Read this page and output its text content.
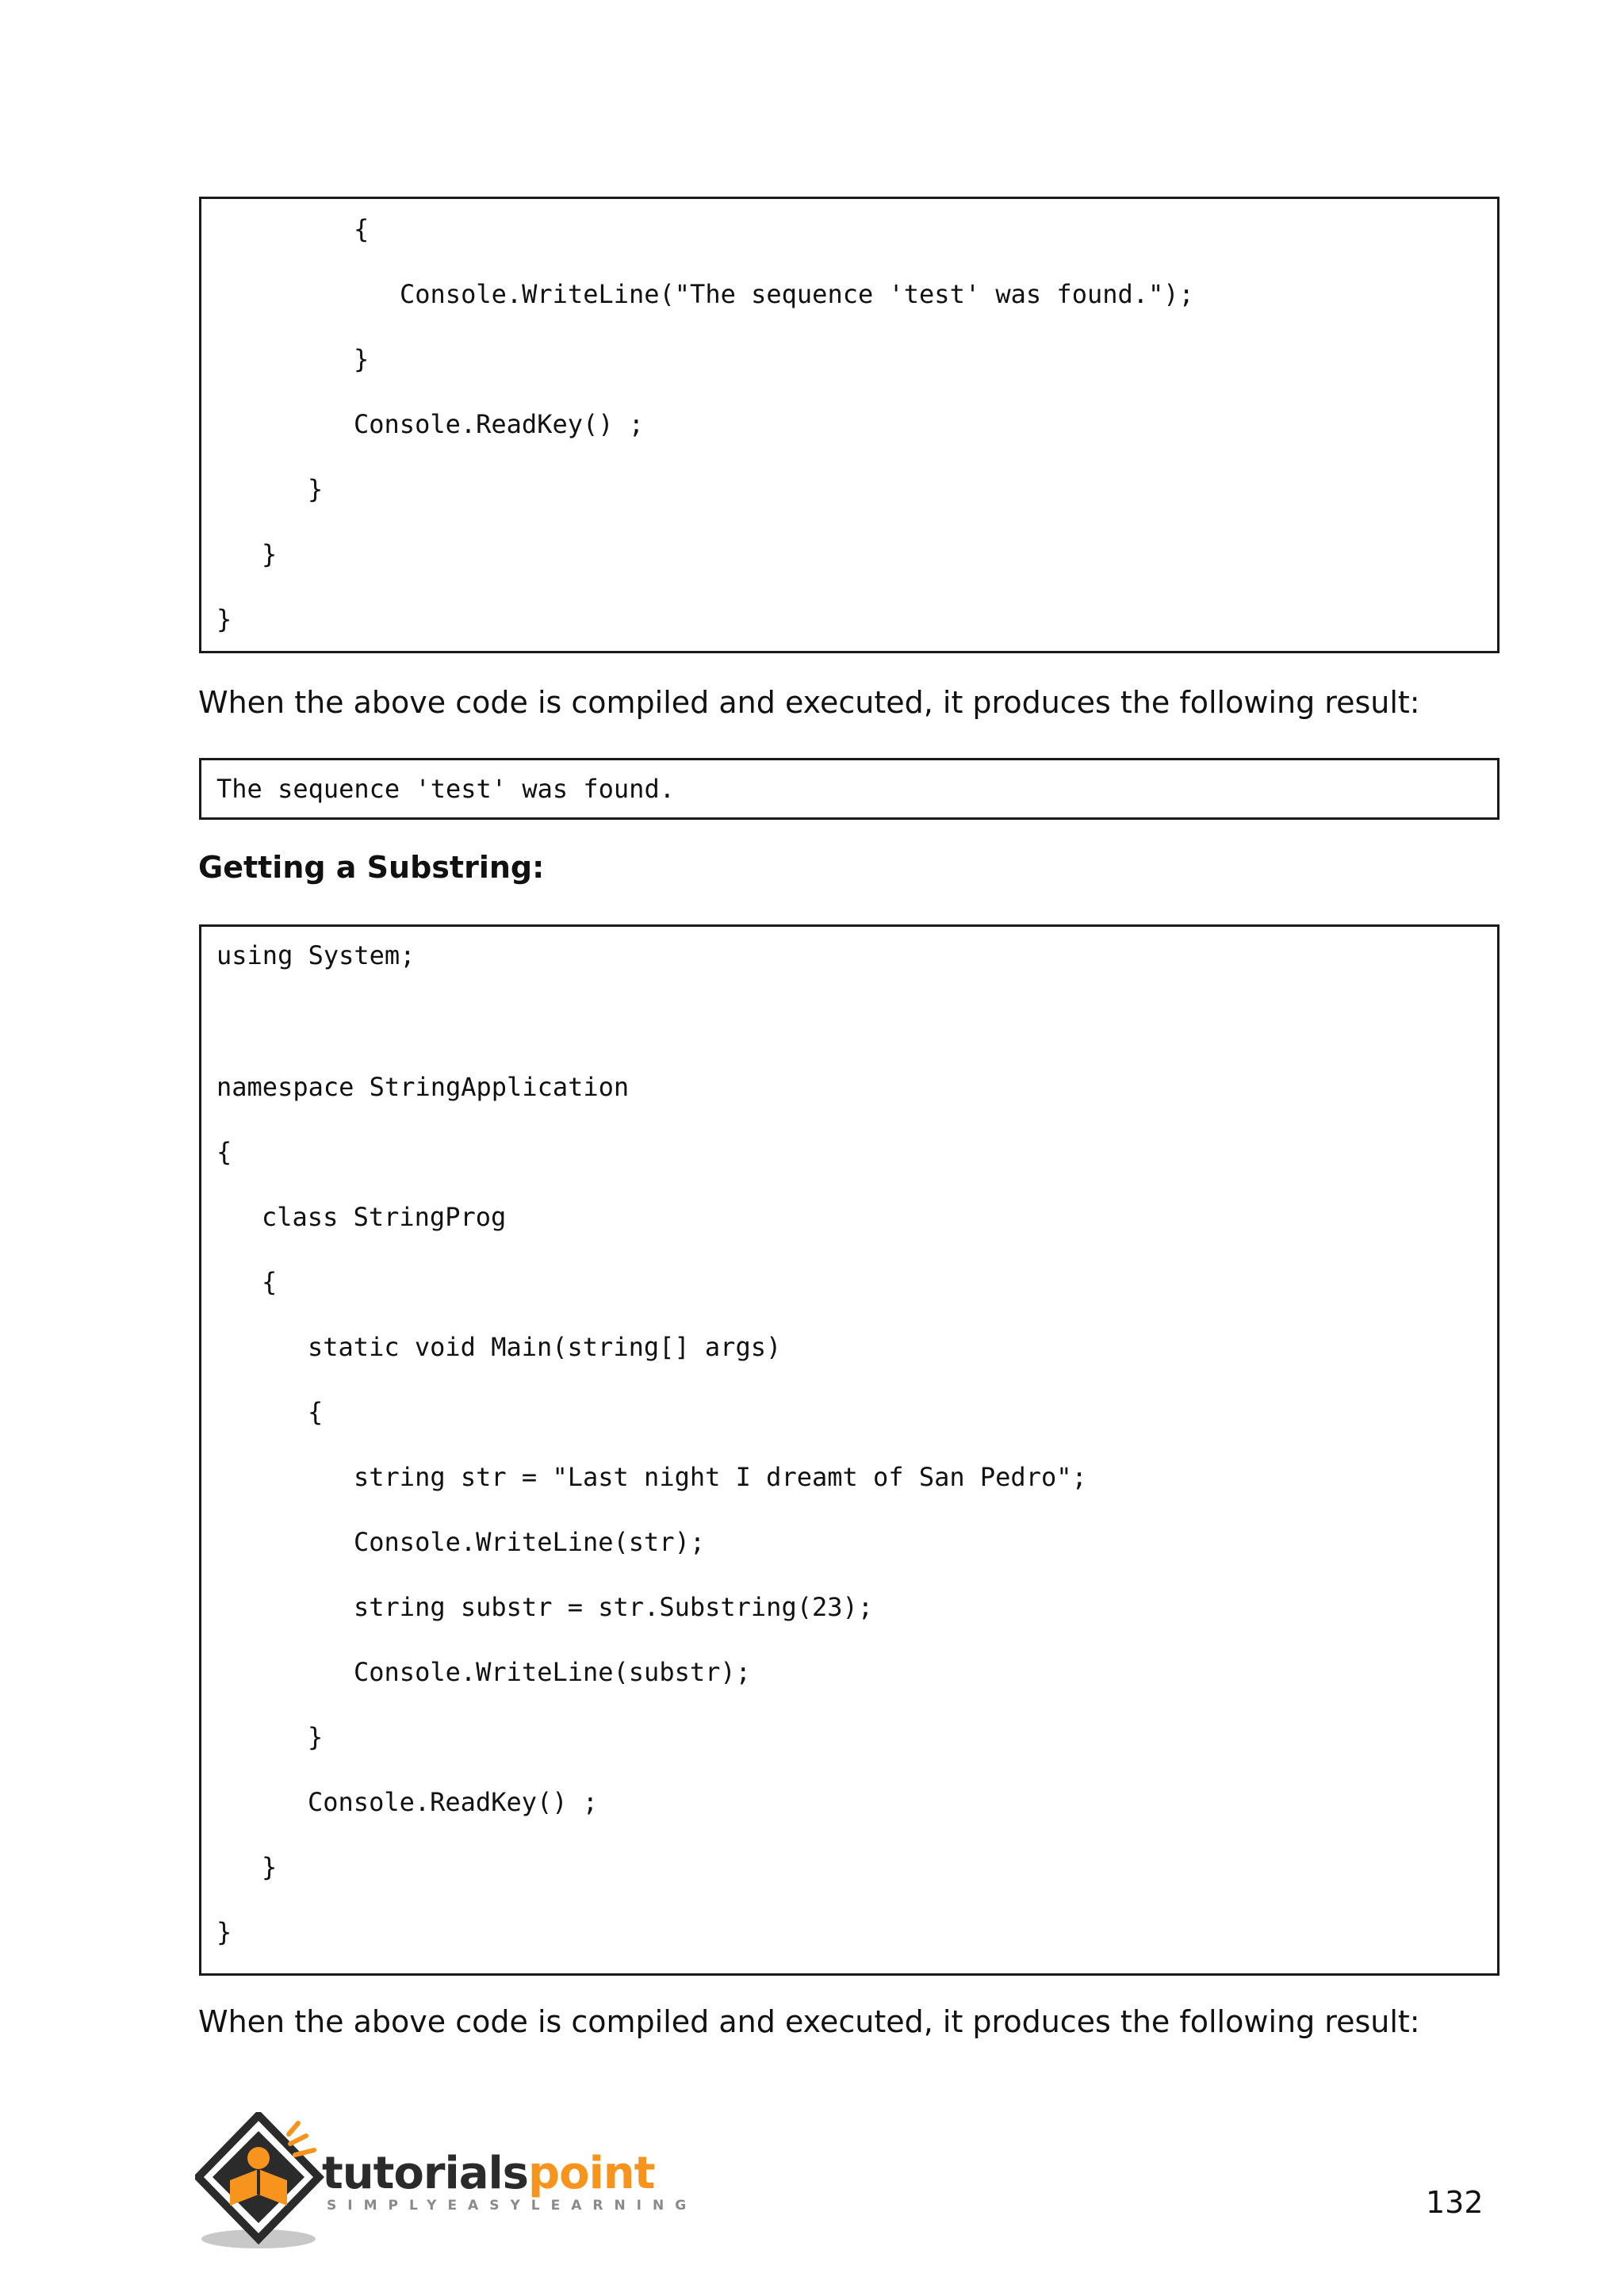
{
Console.WriteLine("The sequence 'test' was found.");
}
Console.ReadKey() ;
}
}
}

When the above code is compiled and executed, it produces the following result:

The sequence 'test' was found.
Getting a Substring:
using System;
namespace StringApplication
{
class StringProg
{
static void Main(string[] args)
{
string str = "Last night I dreamt of San Pedro";
Console.WriteLine(str);
string substr = str.Substring(23);
Console.WriteLine(substr);
}
Console.ReadKey() ;
}
}

When the above code is compiled and executed, it produces the following result:

tutorialspoint
SIMPLYEASYLEARNING	132
